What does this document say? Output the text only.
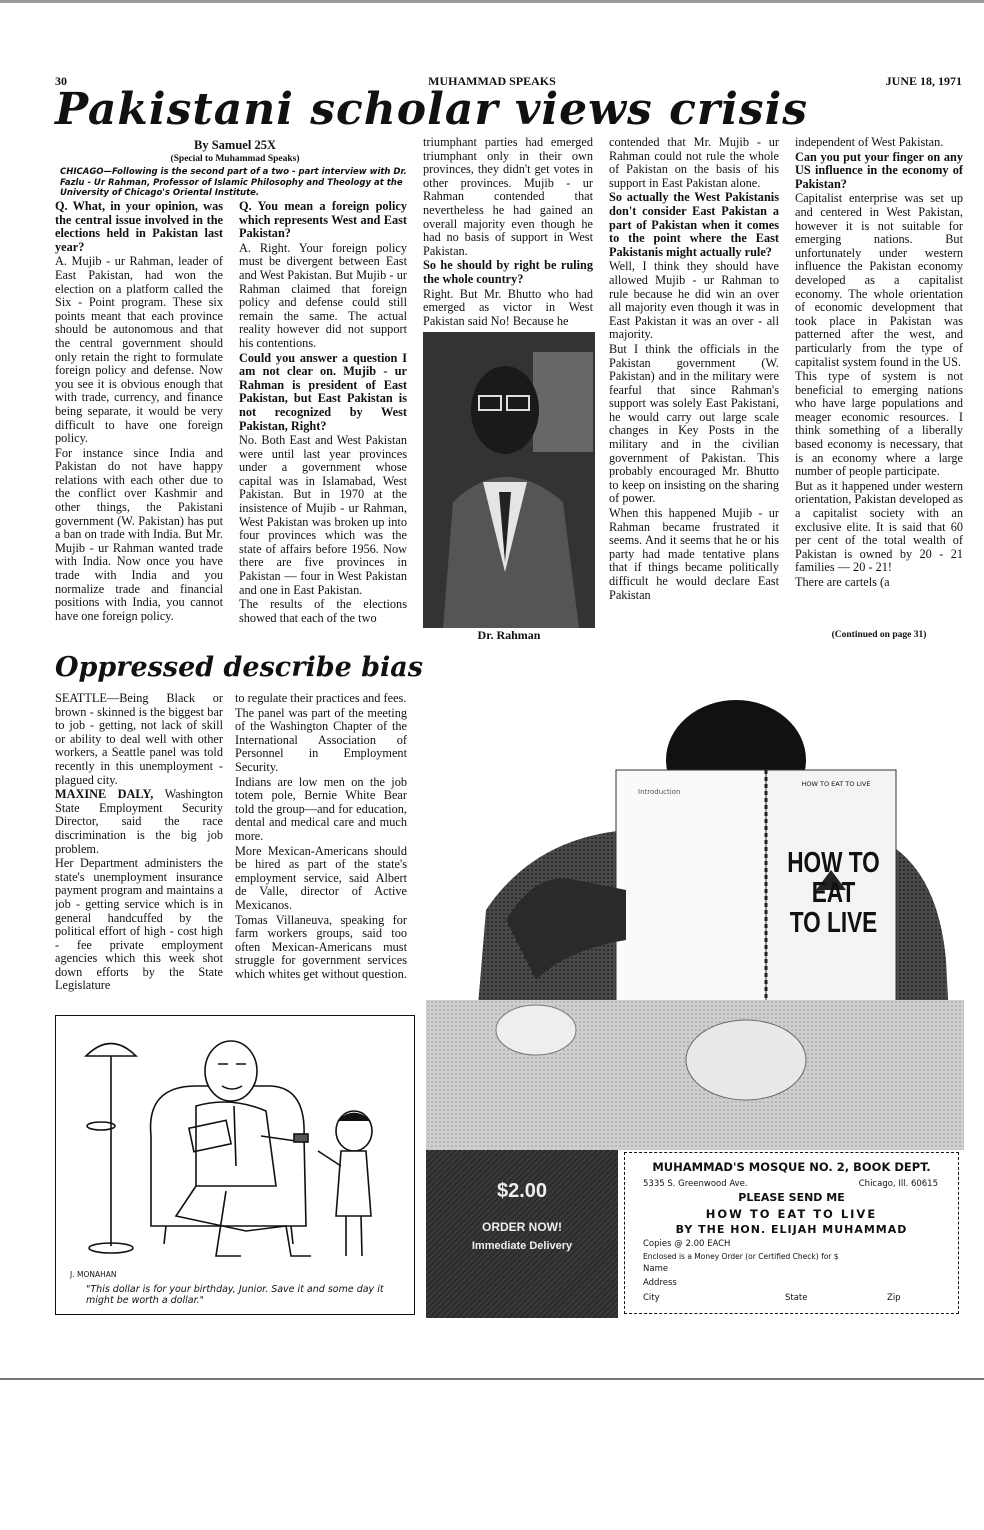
30	MUHAMMAD SPEAKS	JUNE 18, 1971
Pakistani scholar views crisis
By Samuel 25X
(Special to Muhammad Speaks)
CHICAGO—Following is the second part of a two - part interview with Dr. Fazlu - Ur Rahman, Professor of Islamic Philosophy and Theology at the University of Chicago's Oriental Institute.

Q. What, in your opinion, was the central issue involved in the elections held in Pakistan last year?

A. Mujib - ur Rahman, leader of East Pakistan, had won the election on a platform called the Six - Point program. These six points meant that each province should be autonomous and that the central government should only retain the right to formulate foreign policy and defense. Now you see it is obvious enough that with trade, currency, and finance being separate, it would be very difficult to have one foreign policy.

For instance since India and Pakistan do not have happy relations with each other due to the conflict over Kashmir and other things, the Pakistani government (W. Pakistan) has put a ban on trade with India. But Mr. Mujib - ur Rahman wanted trade with India. Now once you have trade with India and you normalize trade and financial positions with India, you cannot have one foreign policy.

Q. You mean a foreign policy which represents West and East Pakistan?

A. Right. Your foreign policy must be divergent between East and West Pakistan. But Mujib - ur Rahman claimed that foreign policy and defense could still remain the same. The actual reality however did not support his contentions.

Could you answer a question I am not clear on. Mujib - ur Rahman is president of East Pakistan, but East Pakistan is not recognized by West Pakistan, Right?

No. Both East and West Pakistan were until last year provinces under a government whose capital was in Islamabad, West Pakistan. But in 1970 at the insistence of Mujib - ur Rahman, West Pakistan was broken up into four provinces which was the state of affairs before 1956. Now there are five provinces in Pakistan — four in West Pakistan and one in East Pakistan.

The results of the elections showed that each of the two

triumphant parties had emerged triumphant only in their own provinces, they didn't get votes in other provinces. Mujib - ur Rahman contended that nevertheless he had gained an overall majority even though he had no basis of support in West Pakistan.

So he should by right be ruling the whole country?

Right. But Mr. Bhutto who had emerged as victor in West Pakistan said No! Because he

Dr. Rahman

contended that Mr. Mujib - ur Rahman could not rule the whole of Pakistan on the basis of his support in East Pakistan alone.

So actually the West Pakistanis don't consider East Pakistan a part of Pakistan when it comes to the point where the East Pakistanis might actually rule?

Well, I think they should have allowed Mujib - ur Rahman to rule because he did win an over all majority even though it was in East Pakistan it was an over - all majority.

But I think the officials in the Pakistan government (W. Pakistan) and in the military were fearful that since Rahman's support was solely East Pakistani, he would carry out large scale changes in Key Posts in the military and in the civilian government of Pakistan. This probably encouraged Mr. Bhutto to keep on insisting on the sharing of power.

When this happened Mujib - ur Rahman became frustrated it seems. And it seems that he or his party had made tentative plans that if things became politically difficult he would declare East Pakistan

independent of West Pakistan.

Can you put your finger on any US influence in the economy of Pakistan?

Capitalist enterprise was set up and centered in West Pakistan, however it is not suitable for emerging nations. But unfortunately under western influence the Pakistan economy developed as a capitalist economy. The whole orientation of economic development that took place in Pakistan was patterned after the west, and particularly from the type of capitalist system found in the US.

This type of system is not beneficial to emerging nations who have large populations and meager economic resources. I think something of a liberally based economy is necessary, that is an economy where a large number of people participate.

But as it happened under western orientation, Pakistan developed as a capitalist society with an exclusive elite. It is said that 60 per cent of the total wealth of Pakistan is owned by 20 - 21 families — 20 - 21!

There are cartels (a

(Continued on page 31)
Oppressed describe bias

SEATTLE—Being Black or brown - skinned is the biggest bar to job - getting, not lack of skill or ability to deal well with other workers, a Seattle panel was told recently in this unemployment - plagued city.

MAXINE DALY, Washington State Employment Security Director, said the race discrimination is the big job problem.

Her Department administers the state's unemployment insurance payment program and maintains a job - getting service which is in general handcuffed by the political effort of high - cost high - fee private employment agencies which this week shot down efforts by the State Legislature

to regulate their practices and fees.

The panel was part of the meeting of the Washington Chapter of the International Association of Personnel in Employment Security.

Indians are low men on the job totem pole, Bernie White Bear told the group—and for education, dental and medical care and much more.

More Mexican-Americans should be hired as part of the state's employment service, said Albert de Valle, director of Active Mexicanos.

Tomas Villaneuva, speaking for farm workers groups, said too often Mexican-Americans must struggle for government services which whites get without question.

J. MONAHAN
"This dollar is for your birthday, Junior. Save it and some day it might be worth a dollar."
HOW TO EAT TO LIVE
Introduction
HOW TO
EAT
TO LIVE
$2.00
ORDER NOW!
Immediate Delivery
MUHAMMAD'S MOSQUE NO. 2, BOOK DEPT.
5335 S. Greenwood Ave.	Chicago, Ill. 60615
PLEASE SEND ME
HOW TO EAT TO LIVE
BY THE HON. ELIJAH MUHAMMAD
Copies @ 2.00 EACH
Enclosed is a Money Order (or Certified Check) for $
Name
Address
City	State	Zip
